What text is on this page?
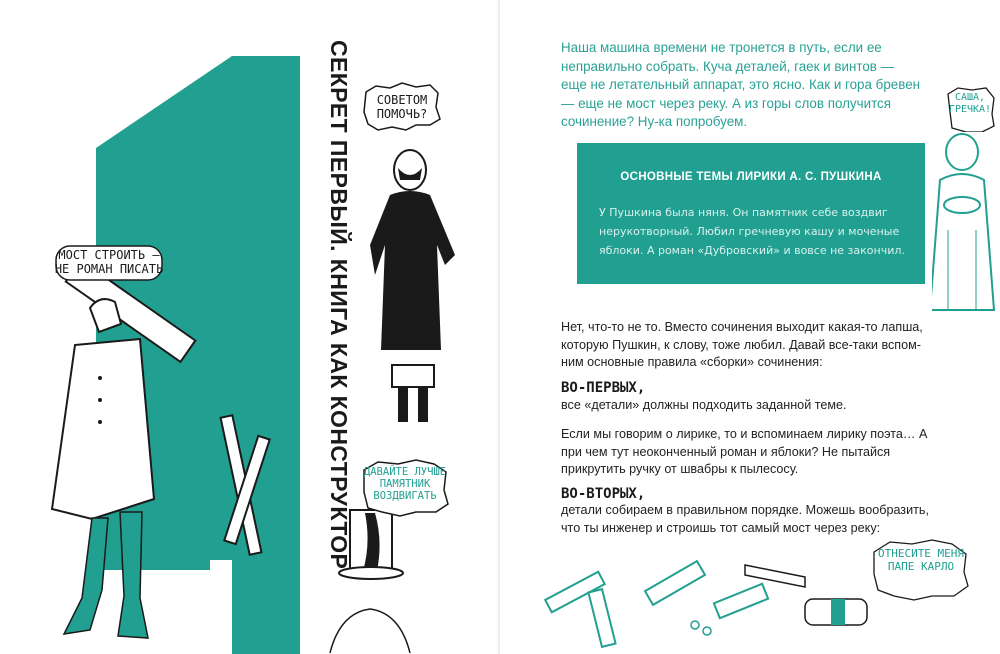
СЕКРЕТ ПЕРВЫЙ. КНИГА КАК КОНСТРУКТОР	СОВЕТОМ ПОМОЧЬ?
МОСТ СТРОИТЬ — НЕ РОМАН ПИСАТЬ
ДАВАЙТЕ ЛУЧШЕ ПАМЯТНИК ВОЗДВИГАТЬ
Наша машина времени не тронется в путь, если ее неправильно собрать. Куча деталей, гаек и винтов — еще не летательный аппарат, это ясно. Как и гора бревен — еще не мост через реку. А из горы слов получится сочинение? Ну-ка попробуем.
ОСНОВНЫЕ ТЕМЫ ЛИРИКИ А. С. ПУШКИНА
У Пушкина была няня. Он памятник себе воздвиг нерукотворный. Любил гречневую кашу и моченые яблоки. А роман «Дубровский» и вовсе не закончил.
Нет, что-то не то. Вместо сочинения выходит какая-то лапша, которую Пушкин, к слову, тоже любил. Давай все-таки вспомним основные правила «сборки» сочинения:
ВО-ПЕРВЫХ,
все «детали» должны подходить заданной теме.
Если мы говорим о лирике, то и вспоминаем лирику поэта… А при чем тут неоконченный роман и яблоки? Не пытайся прикрутить ручку от швабры к пылесосу.
ВО-ВТОРЫХ,
детали собираем в правильном порядке. Можешь вообразить, что ты инженер и строишь тот самый мост через реку:
САША, ГРЕЧКА!
ОТНЕСИТЕ МЕНЯ ПАПЕ КАРЛО
